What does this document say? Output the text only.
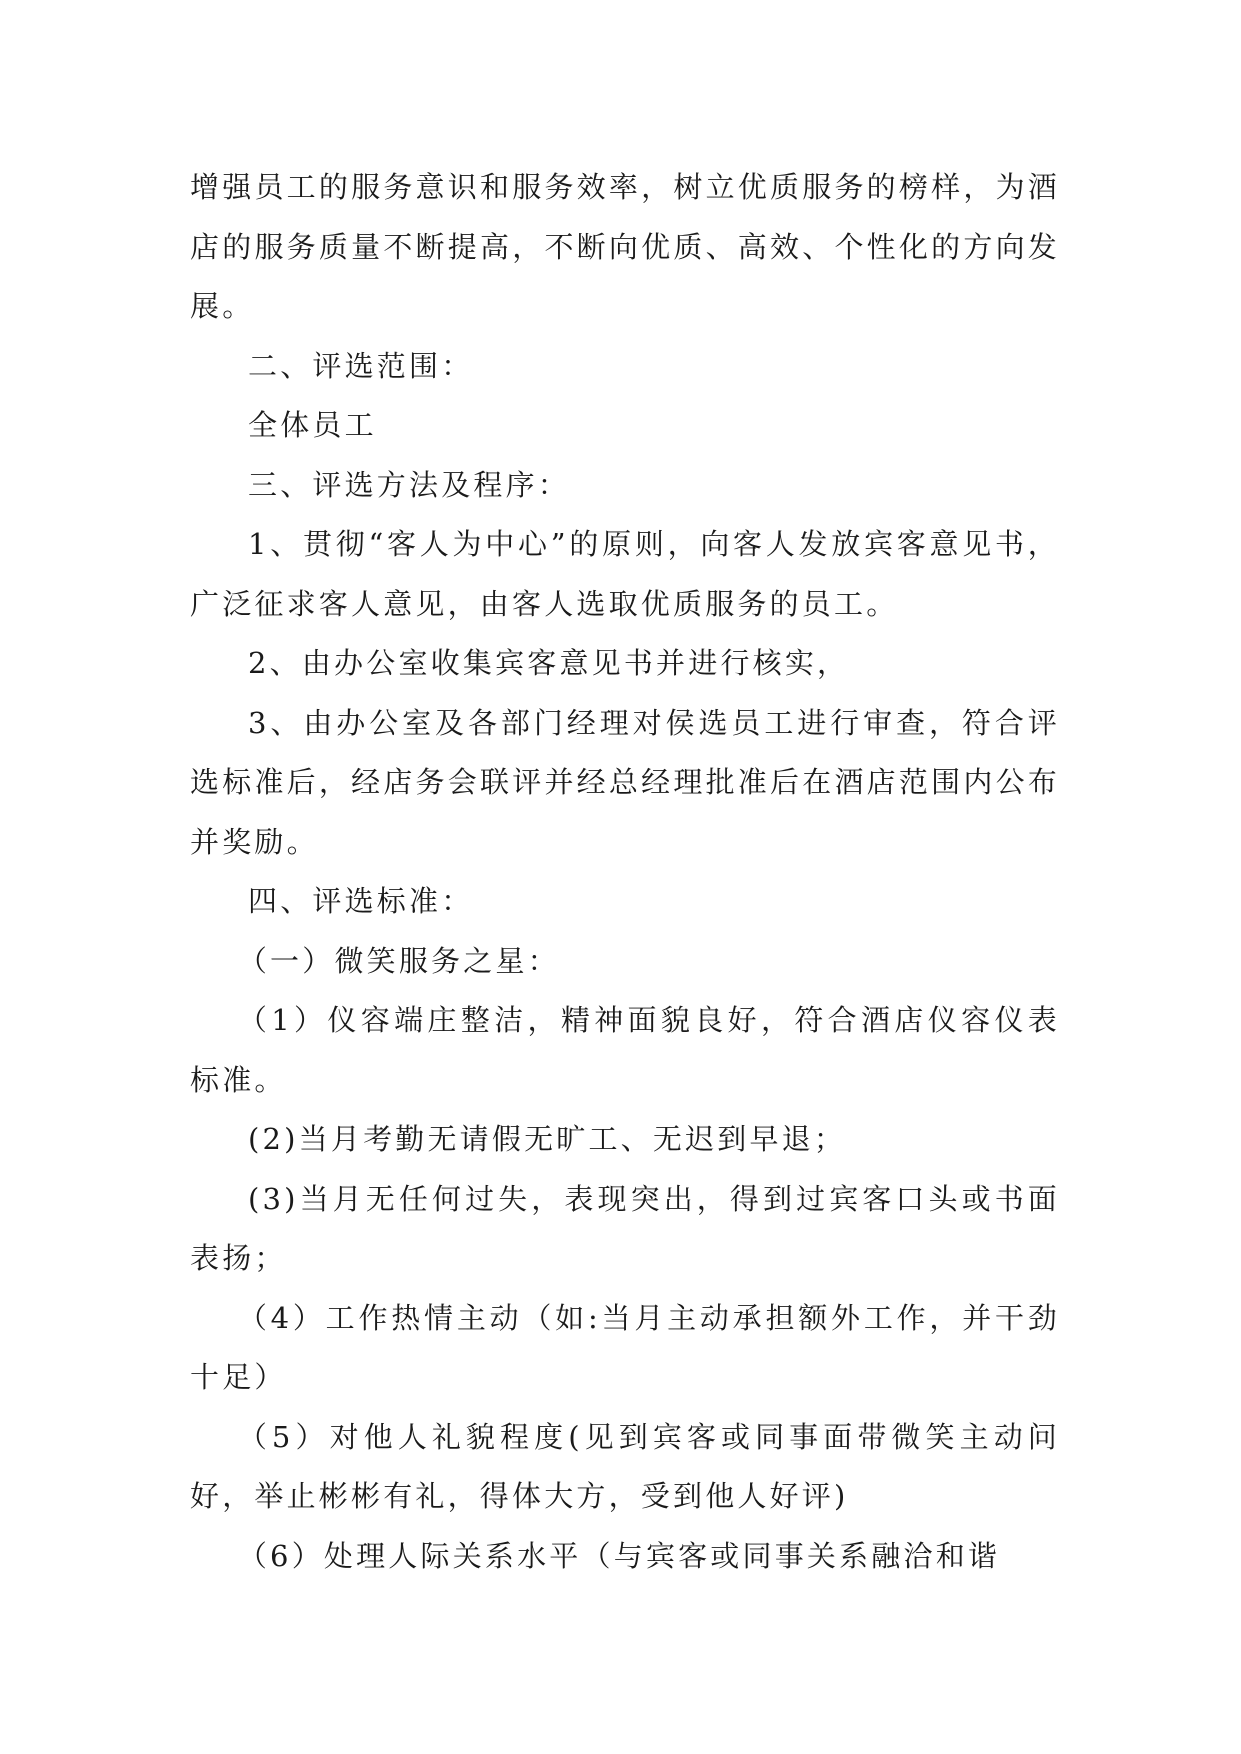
增强员工的服务意识和服务效率，树立优质服务的榜样，为酒店的服务质量不断提高，不断向优质、高效、个性化的方向发展。

二、评选范围：

全体员工

三、评选方法及程序：

1、贯彻“客人为中心”的原则，向客人发放宾客意见书，广泛征求客人意见，由客人选取优质服务的员工。

2、由办公室收集宾客意见书并进行核实，

3、由办公室及各部门经理对侯选员工进行审查，符合评选标准后，经店务会联评并经总经理批准后在酒店范围内公布并奖励。

四、评选标准：

（一）微笑服务之星：

（1）仪容端庄整洁，精神面貌良好，符合酒店仪容仪表标准。

(2)当月考勤无请假无旷工、无迟到早退；

(3)当月无任何过失，表现突出，得到过宾客口头或书面表扬；

（4）工作热情主动（如:当月主动承担额外工作，并干劲十足）

（5）对他人礼貌程度(见到宾客或同事面带微笑主动问好，举止彬彬有礼，得体大方，受到他人好评)

（6）处理人际关系水平（与宾客或同事关系融洽和谐
